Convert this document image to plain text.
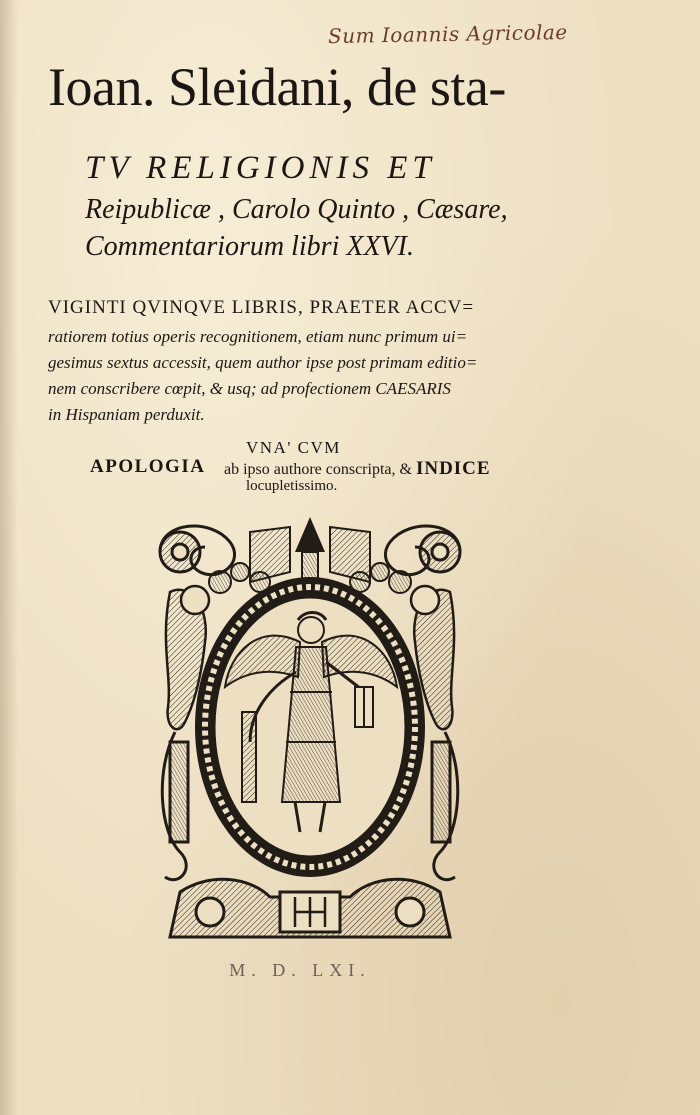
Sum Ioannis Agricolae
Ioan. Sleidani, de sta-
TV RELIGIONIS ET
Reipublicæ , Carolo Quinto , Cæsare,
Commentariorum libri XXVI.
VIGINTI QVINQVE LIBRIS, PRAETER ACCV=
ratiorem totius operis recognitionem, etiam nunc primum ui=
gesimus sextus accessit, quem author ipse post primam editio=
nem conscribere cœpit, & usq; ad profectionem CAESARIS
in Hispaniam perduxit.
VNA' CVM
APOLOGIA ab ipso authore conscripta, & INDICE
locupletissimo.
M. D. LXI.
